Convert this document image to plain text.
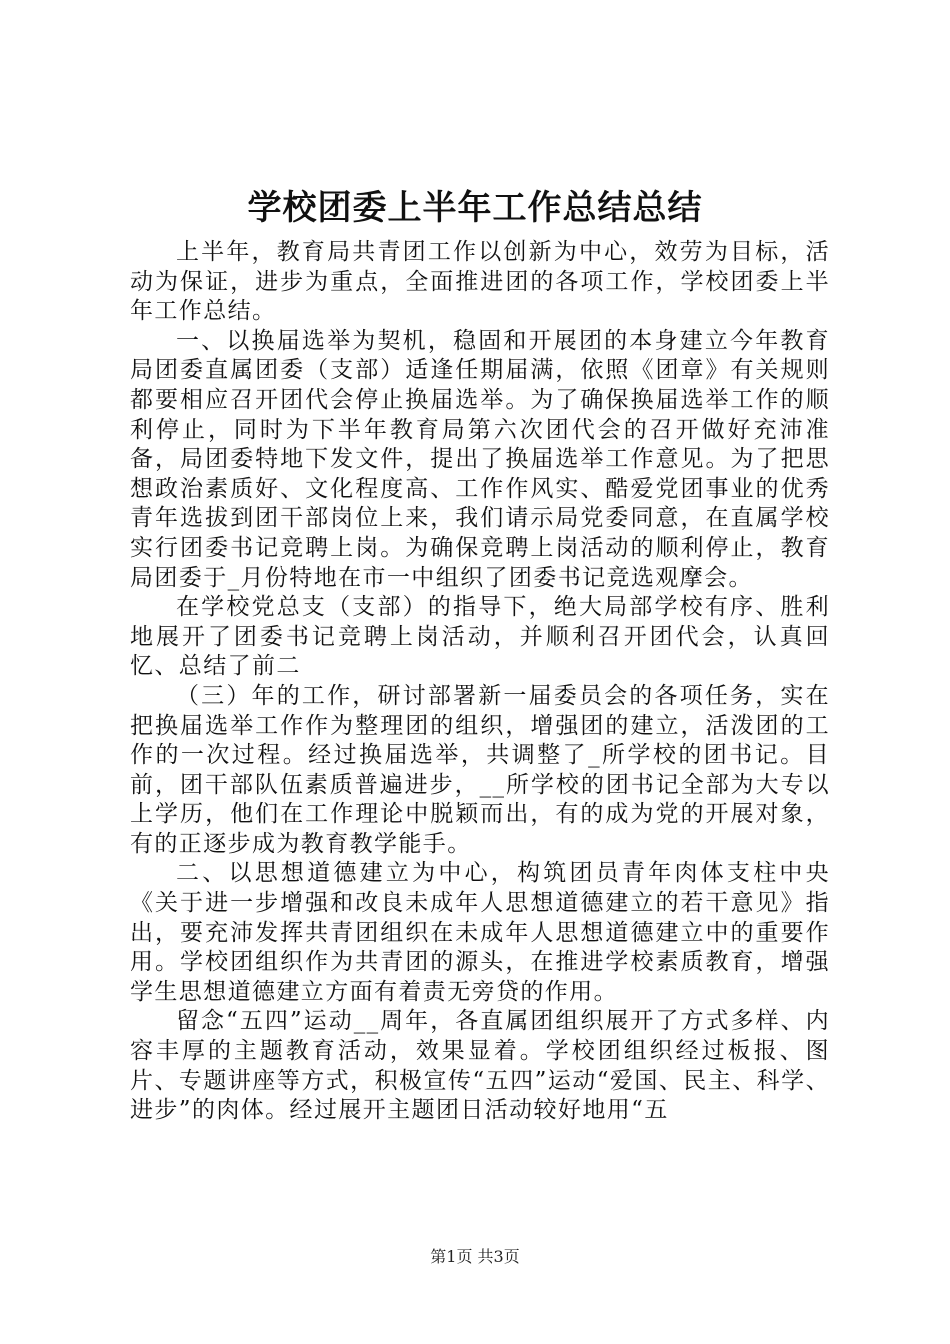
学校团委上半年工作总结总结

上半年，教育局共青团工作以创新为中心，效劳为目标，活动为保证，进步为重点，全面推进团的各项工作，学校团委上半年工作总结。

一、以换届选举为契机，稳固和开展团的本身建立今年教育局团委直属团委（支部）适逢任期届满，依照《团章》有关规则都要相应召开团代会停止换届选举。为了确保换届选举工作的顺利停止，同时为下半年教育局第六次团代会的召开做好充沛准备，局团委特地下发文件，提出了换届选举工作意见。为了把思想政治素质好、文化程度高、工作作风实、酷爱党团事业的优秀青年选拔到团干部岗位上来，我们请示局党委同意，在直属学校实行团委书记竞聘上岗。为确保竞聘上岗活动的顺利停止，教育局团委于_月份特地在市一中组织了团委书记竞选观摩会。

在学校党总支（支部）的指导下，绝大局部学校有序、胜利地展开了团委书记竞聘上岗活动，并顺利召开团代会，认真回忆、总结了前二

（三）年的工作，研讨部署新一届委员会的各项任务，实在把换届选举工作作为整理团的组织，增强团的建立，活泼团的工作的一次过程。经过换届选举，共调整了_所学校的团书记。目前，团干部队伍素质普遍进步，__所学校的团书记全部为大专以上学历，他们在工作理论中脱颖而出，有的成为党的开展对象，有的正逐步成为教育教学能手。

二、以思想道德建立为中心，构筑团员青年肉体支柱中央《关于进一步增强和改良未成年人思想道德建立的若干意见》指出，要充沛发挥共青团组织在未成年人思想道德建立中的重要作用。学校团组织作为共青团的源头，在推进学校素质教育，增强学生思想道德建立方面有着责无旁贷的作用。

留念“五四”运动__周年，各直属团组织展开了方式多样、内容丰厚的主题教育活动，效果显着。学校团组织经过板报、图片、专题讲座等方式，积极宣传“五四”运动“爱国、民主、科学、进步”的肉体。经过展开主题团日活动较好地用“五

第1页 共3页
